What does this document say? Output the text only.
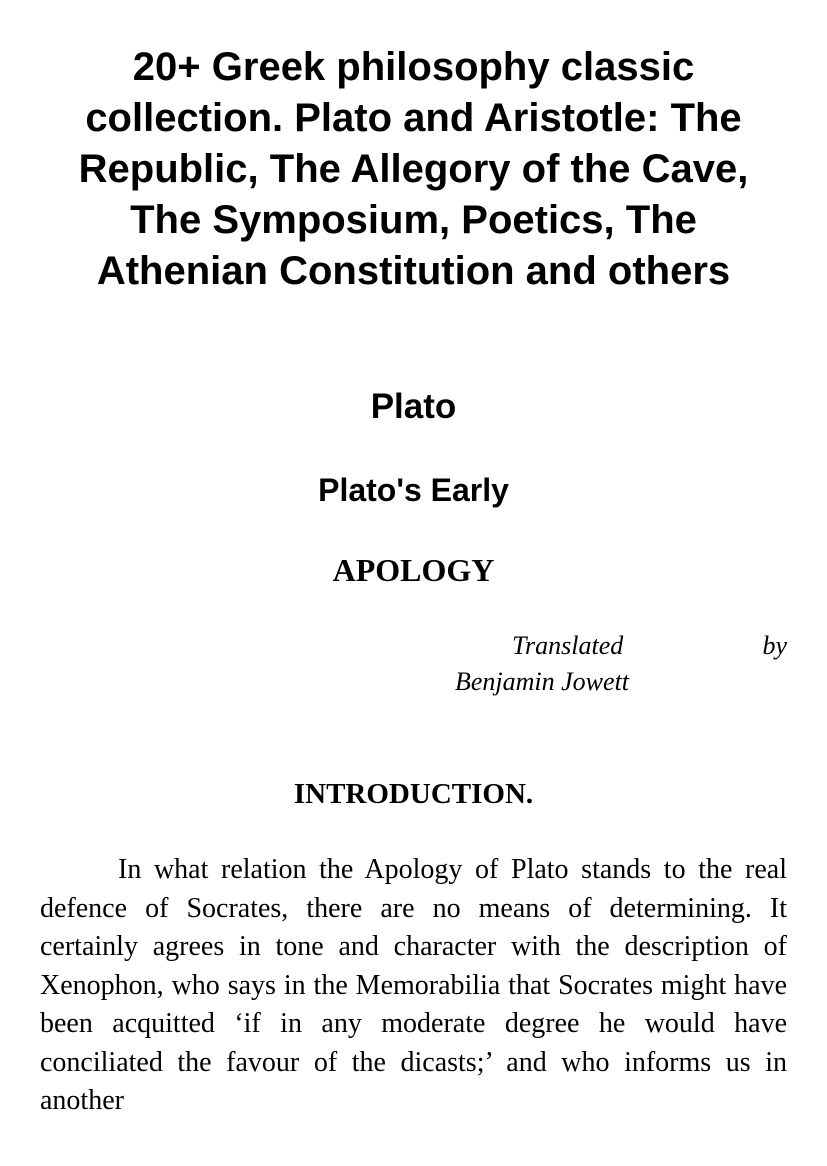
20+ Greek philosophy classic collection. Plato and Aristotle: The Republic, The Allegory of the Cave, The Symposium, Poetics, The Athenian Constitution and others
Plato
Plato's Early
APOLOGY
Translated	by
Benjamin Jowett
INTRODUCTION.

In what relation the Apology of Plato stands to the real defence of Socrates, there are no means of determining. It certainly agrees in tone and character with the description of Xenophon, who says in the Memorabilia that Socrates might have been acquitted ‘if in any moderate degree he would have conciliated the favour of the dicasts;’ and who informs us in another
